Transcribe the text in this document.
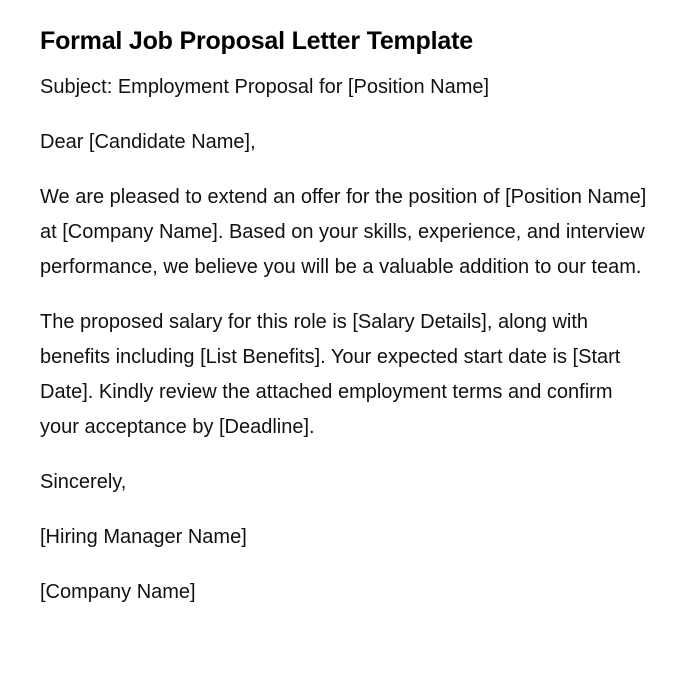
Formal Job Proposal Letter Template

Subject: Employment Proposal for [Position Name]

Dear [Candidate Name],

We are pleased to extend an offer for the position of [Position Name] at [Company Name]. Based on your skills, experience, and interview performance, we believe you will be a valuable addition to our team.

The proposed salary for this role is [Salary Details], along with benefits including [List Benefits]. Your expected start date is [Start Date]. Kindly review the attached employment terms and confirm your acceptance by [Deadline].

Sincerely,

[Hiring Manager Name]

[Company Name]
